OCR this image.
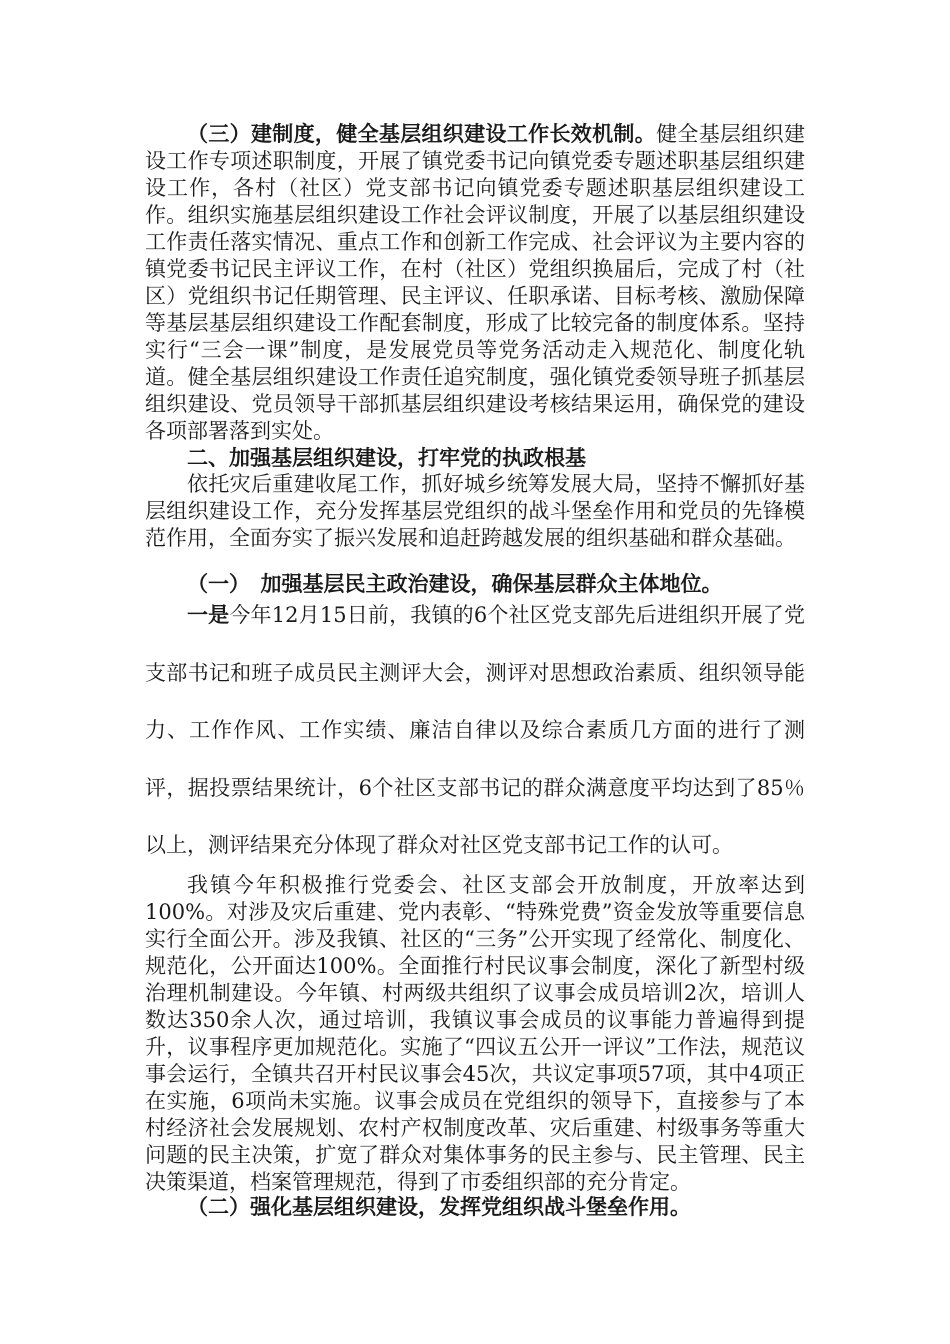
（三）建制度，健全基层组织建设工作长效机制。健全基层组织建设工作专项述职制度，开展了镇党委书记向镇党委专题述职基层组织建设工作，各村（社区）党支部书记向镇党委专题述职基层组织建设工作。组织实施基层组织建设工作社会评议制度，开展了以基层组织建设工作责任落实情况、重点工作和创新工作完成、社会评议为主要内容的镇党委书记民主评议工作，在村（社区）党组织换届后，完成了村（社区）党组织书记任期管理、民主评议、任职承诺、目标考核、激励保障等基层基层组织建设工作配套制度，形成了比较完备的制度体系。坚持实行“三会一课”制度，是发展党员等党务活动走入规范化、制度化轨道。健全基层组织建设工作责任追究制度，强化镇党委领导班子抓基层组织建设、党员领导干部抓基层组织建设考核结果运用，确保党的建设各项部署落到实处。

二、加强基层组织建设，打牢党的执政根基

依托灾后重建收尾工作，抓好城乡统筹发展大局，坚持不懈抓好基层组织建设工作，充分发挥基层党组织的战斗堡垒作用和党员的先锋模范作用，全面夯实了振兴发展和追赶跨越发展的组织基础和群众基础。

（一）　加强基层民主政治建设，确保基层群众主体地位。

一是今年12月15日前，我镇的6个社区党支部先后进组织开展了党支部书记和班子成员民主测评大会，测评对思想政治素质、组织领导能力、工作作风、工作实绩、廉洁自律以及综合素质几方面的进行了测评，据投票结果统计，6个社区支部书记的群众满意度平均达到了85％以上，测评结果充分体现了群众对社区党支部书记工作的认可。

我镇今年积极推行党委会、社区支部会开放制度，开放率达到100%。对涉及灾后重建、党内表彰、“特殊党费”资金发放等重要信息实行全面公开。涉及我镇、社区的“三务”公开实现了经常化、制度化、规范化，公开面达100%。全面推行村民议事会制度，深化了新型村级治理机制建设。今年镇、村两级共组织了议事会成员培训2次，培训人数达350余人次，通过培训，我镇议事会成员的议事能力普遍得到提升，议事程序更加规范化。实施了“四议五公开一评议”工作法，规范议事会运行，全镇共召开村民议事会45次，共议定事项57项，其中4项正在实施，6项尚未实施。议事会成员在党组织的领导下，直接参与了本村经济社会发展规划、农村产权制度改革、灾后重建、村级事务等重大问题的民主决策，扩宽了群众对集体事务的民主参与、民主管理、民主决策渠道，档案管理规范，得到了市委组织部的充分肯定。

（二）强化基层组织建设，发挥党组织战斗堡垒作用。
